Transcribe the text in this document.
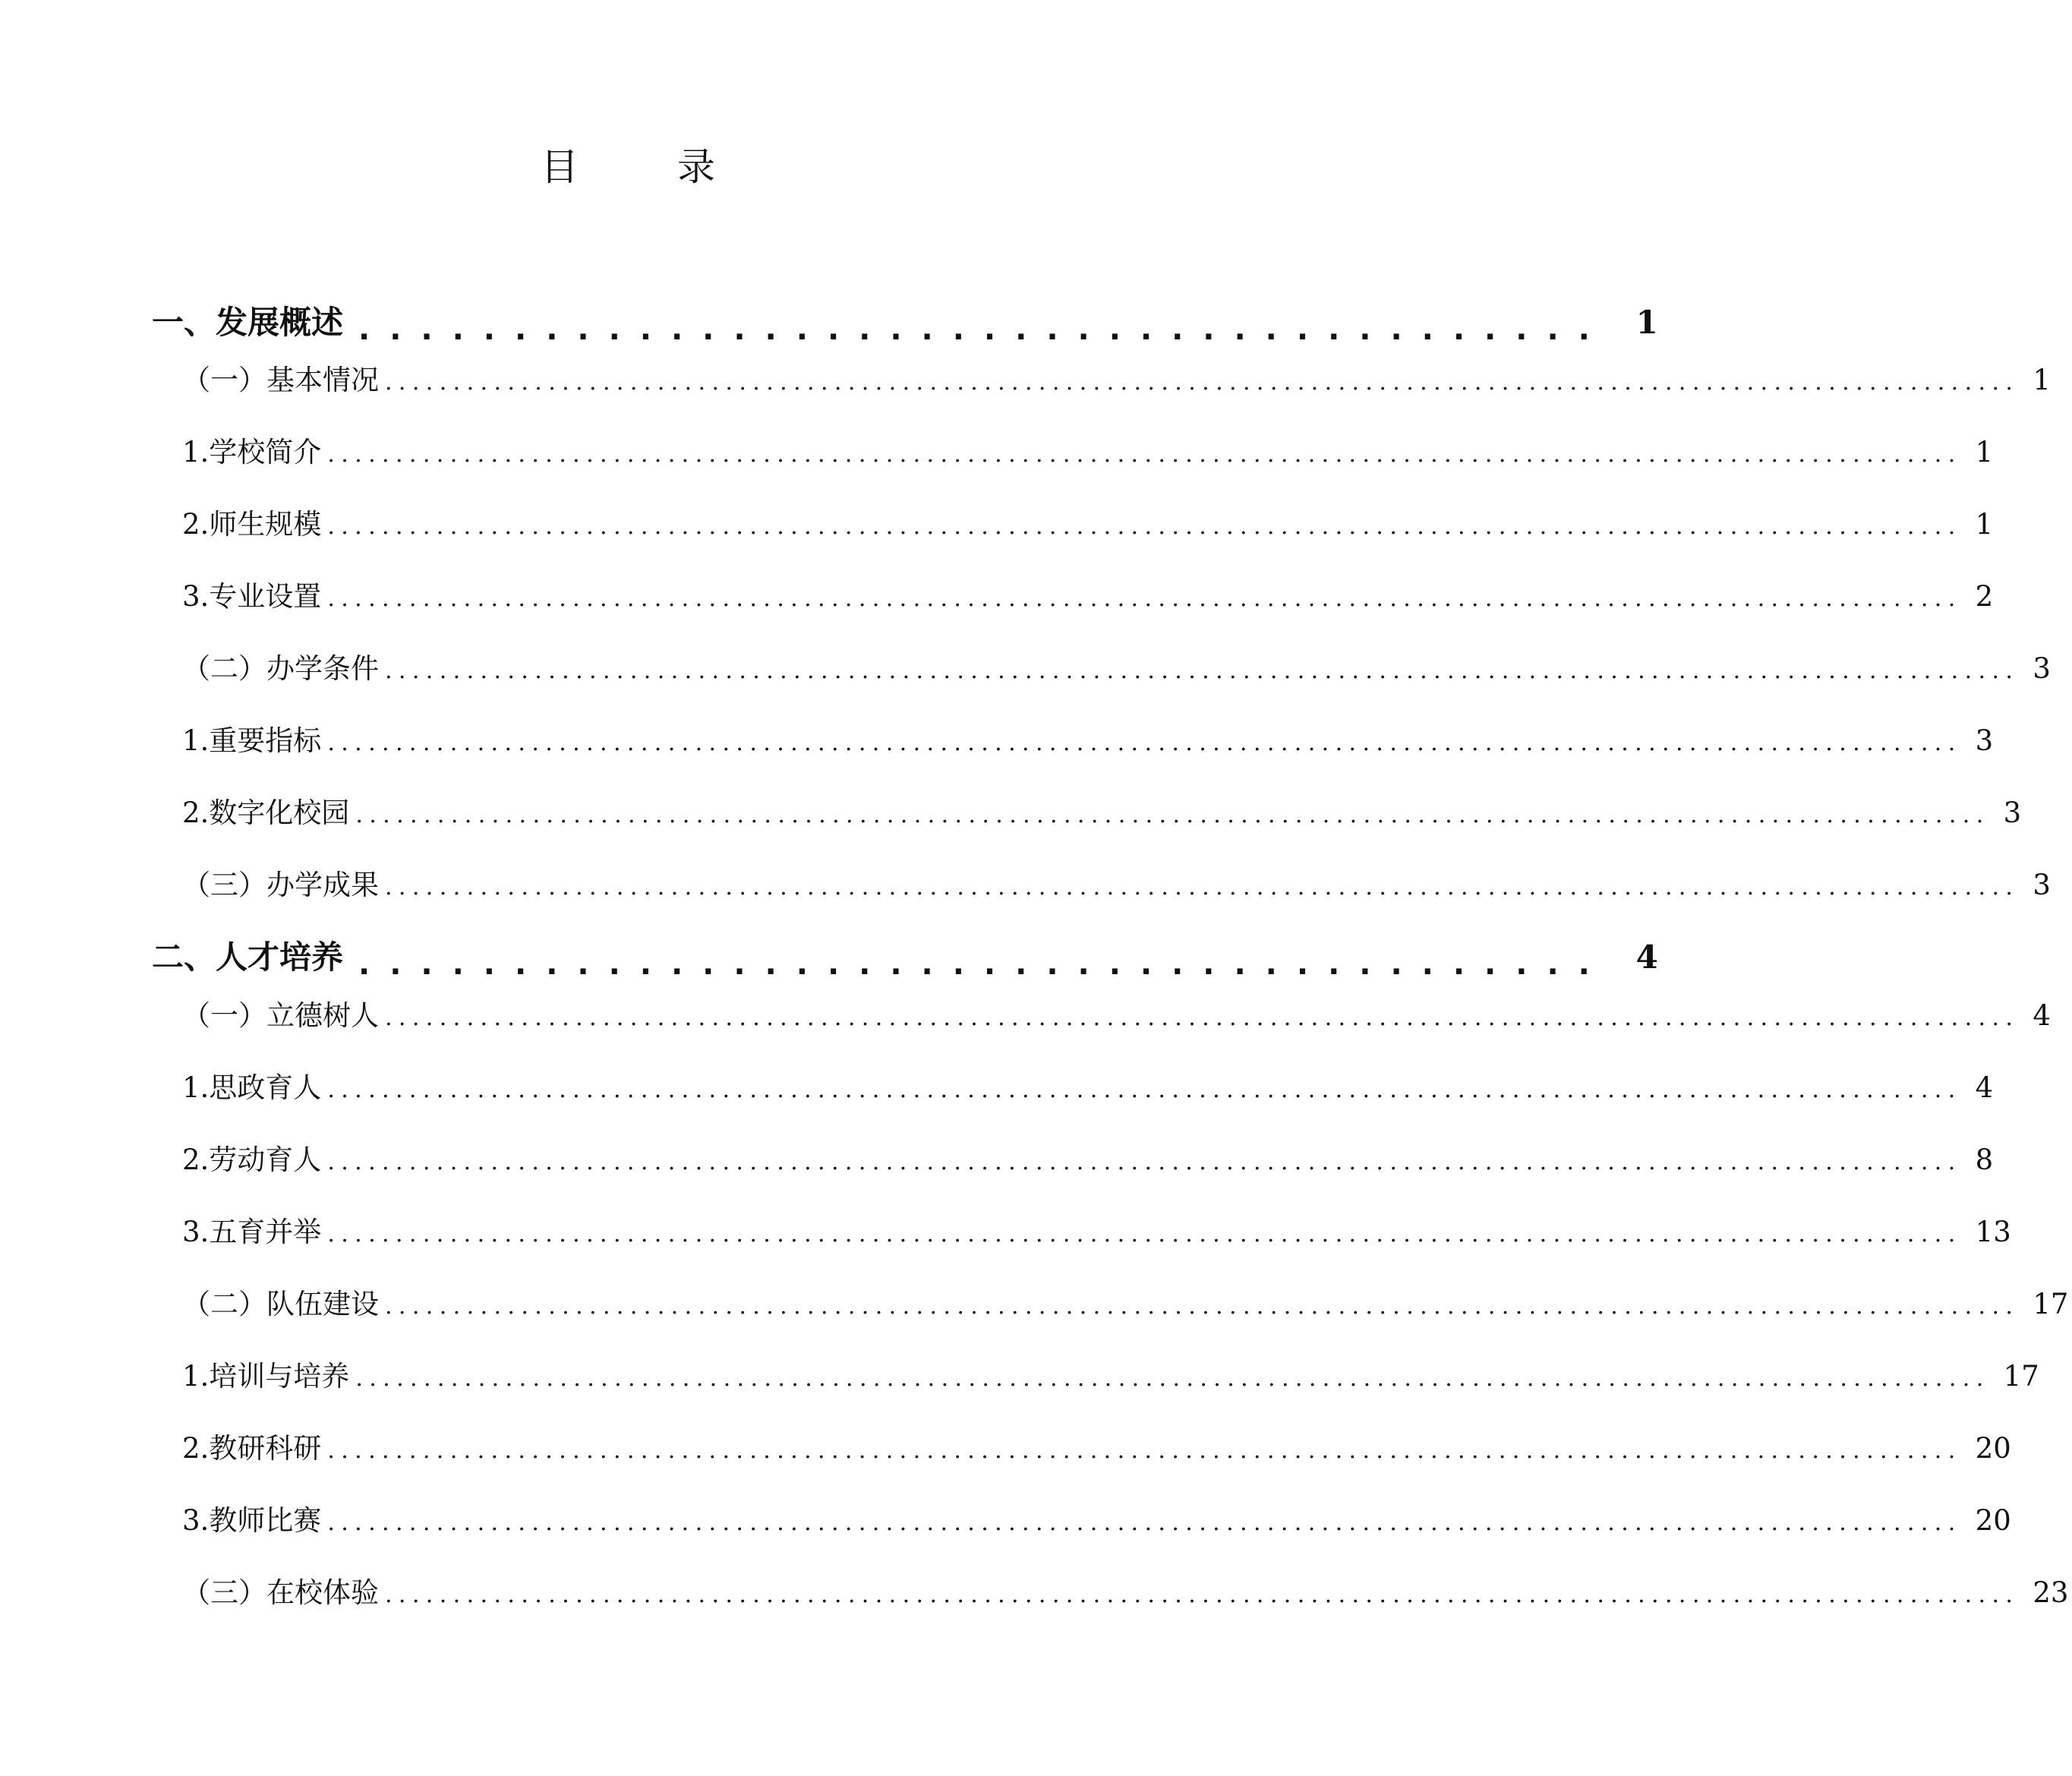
目　录
一、发展概述 ........................................ 1
（一）基本情况 ........................................................................................................................ 1
1.学校简介 ........................................................................................................................ 1
2.师生规模 ........................................................................................................................ 1
3.专业设置 ........................................................................................................................ 2
（二）办学条件 ........................................................................................................................ 3
1.重要指标 ........................................................................................................................ 3
2.数字化校园 ........................................................................................................................ 3
（三）办学成果 ........................................................................................................................ 3
二、人才培养 ........................................ 4
（一）立德树人 ........................................................................................................................ 4
1.思政育人 ........................................................................................................................ 4
2.劳动育人 ........................................................................................................................ 8
3.五育并举 ........................................................................................................................ 13
（二）队伍建设 ........................................................................................................................ 17
1.培训与培养 ........................................................................................................................ 17
2.教研科研 ........................................................................................................................ 20
3.教师比赛 ........................................................................................................................ 20
（三）在校体验 ........................................................................................................................ 23
